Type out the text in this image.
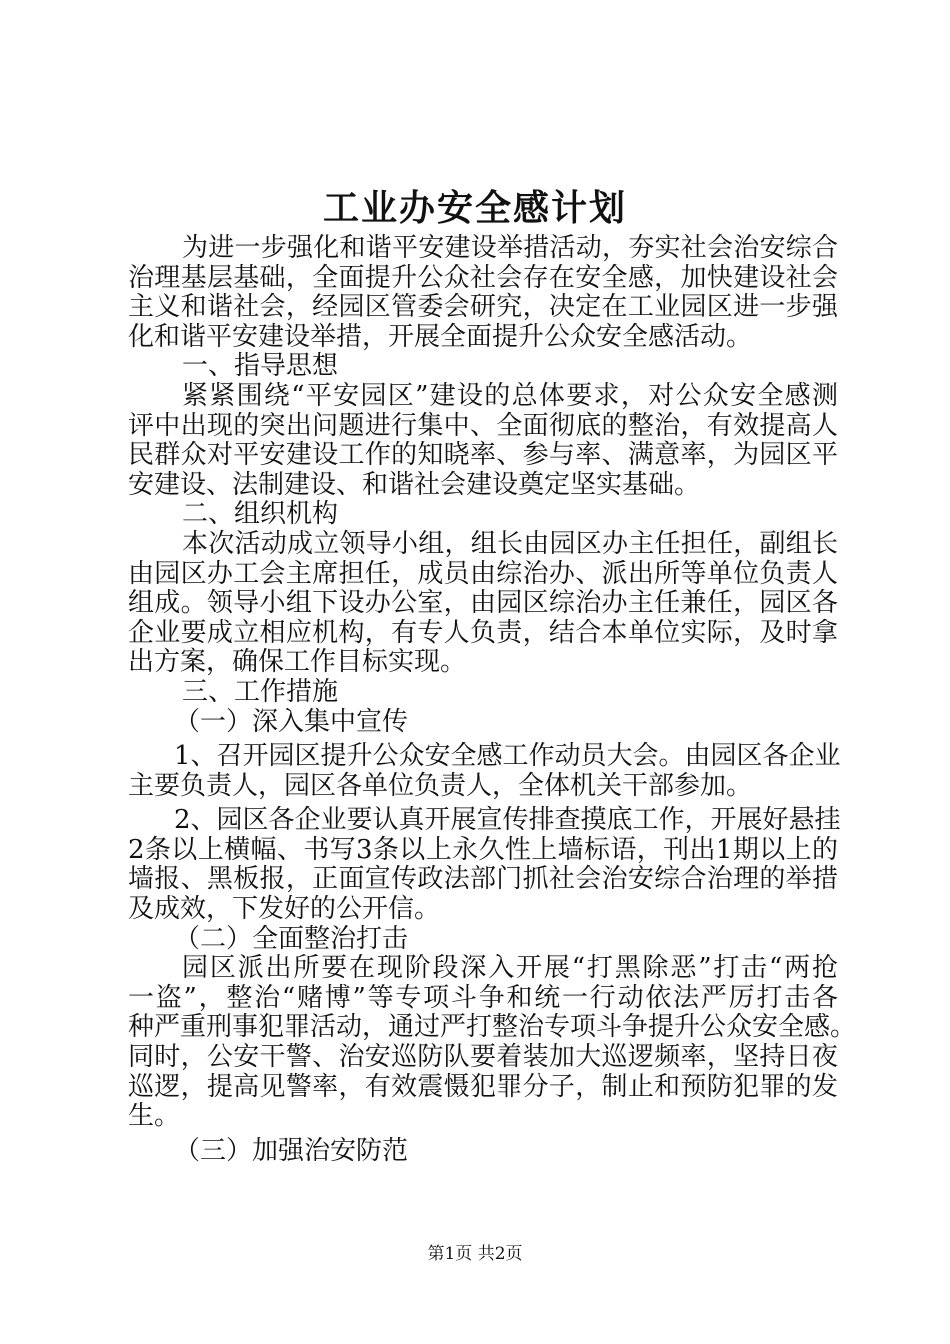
工业办安全感计划
为进一步强化和谐平安建设举措活动，夯实社会治安综合
治理基层基础，全面提升公众社会存在安全感，加快建设社会
主义和谐社会，经园区管委会研究，决定在工业园区进一步强
化和谐平安建设举措，开展全面提升公众安全感活动。
一、指导思想
紧紧围绕“平安园区”建设的总体要求，对公众安全感测
评中出现的突出问题进行集中、全面彻底的整治，有效提高人
民群众对平安建设工作的知晓率、参与率、满意率，为园区平
安建设、法制建设、和谐社会建设奠定坚实基础。
二、组织机构
本次活动成立领导小组，组长由园区办主任担任，副组长
由园区办工会主席担任，成员由综治办、派出所等单位负责人
组成。领导小组下设办公室，由园区综治办主任兼任，园区各
企业要成立相应机构，有专人负责，结合本单位实际，及时拿
出方案，确保工作目标实现。
三、工作措施
（一）深入集中宣传
1、召开园区提升公众安全感工作动员大会。由园区各企业
主要负责人，园区各单位负责人，全体机关干部参加。
2、园区各企业要认真开展宣传排查摸底工作，开展好悬挂
2条以上横幅、书写3条以上永久性上墙标语，刊出1期以上的
墙报、黑板报，正面宣传政法部门抓社会治安综合治理的举措
及成效，下发好的公开信。
（二）全面整治打击
园区派出所要在现阶段深入开展“打黑除恶”打击“两抢
一盗”，整治“赌博”等专项斗争和统一行动依法严厉打击各
种严重刑事犯罪活动，通过严打整治专项斗争提升公众安全感。
同时，公安干警、治安巡防队要着装加大巡逻频率，坚持日夜
巡逻，提高见警率，有效震慑犯罪分子，制止和预防犯罪的发
生。
（三）加强治安防范
第1页 共2页
